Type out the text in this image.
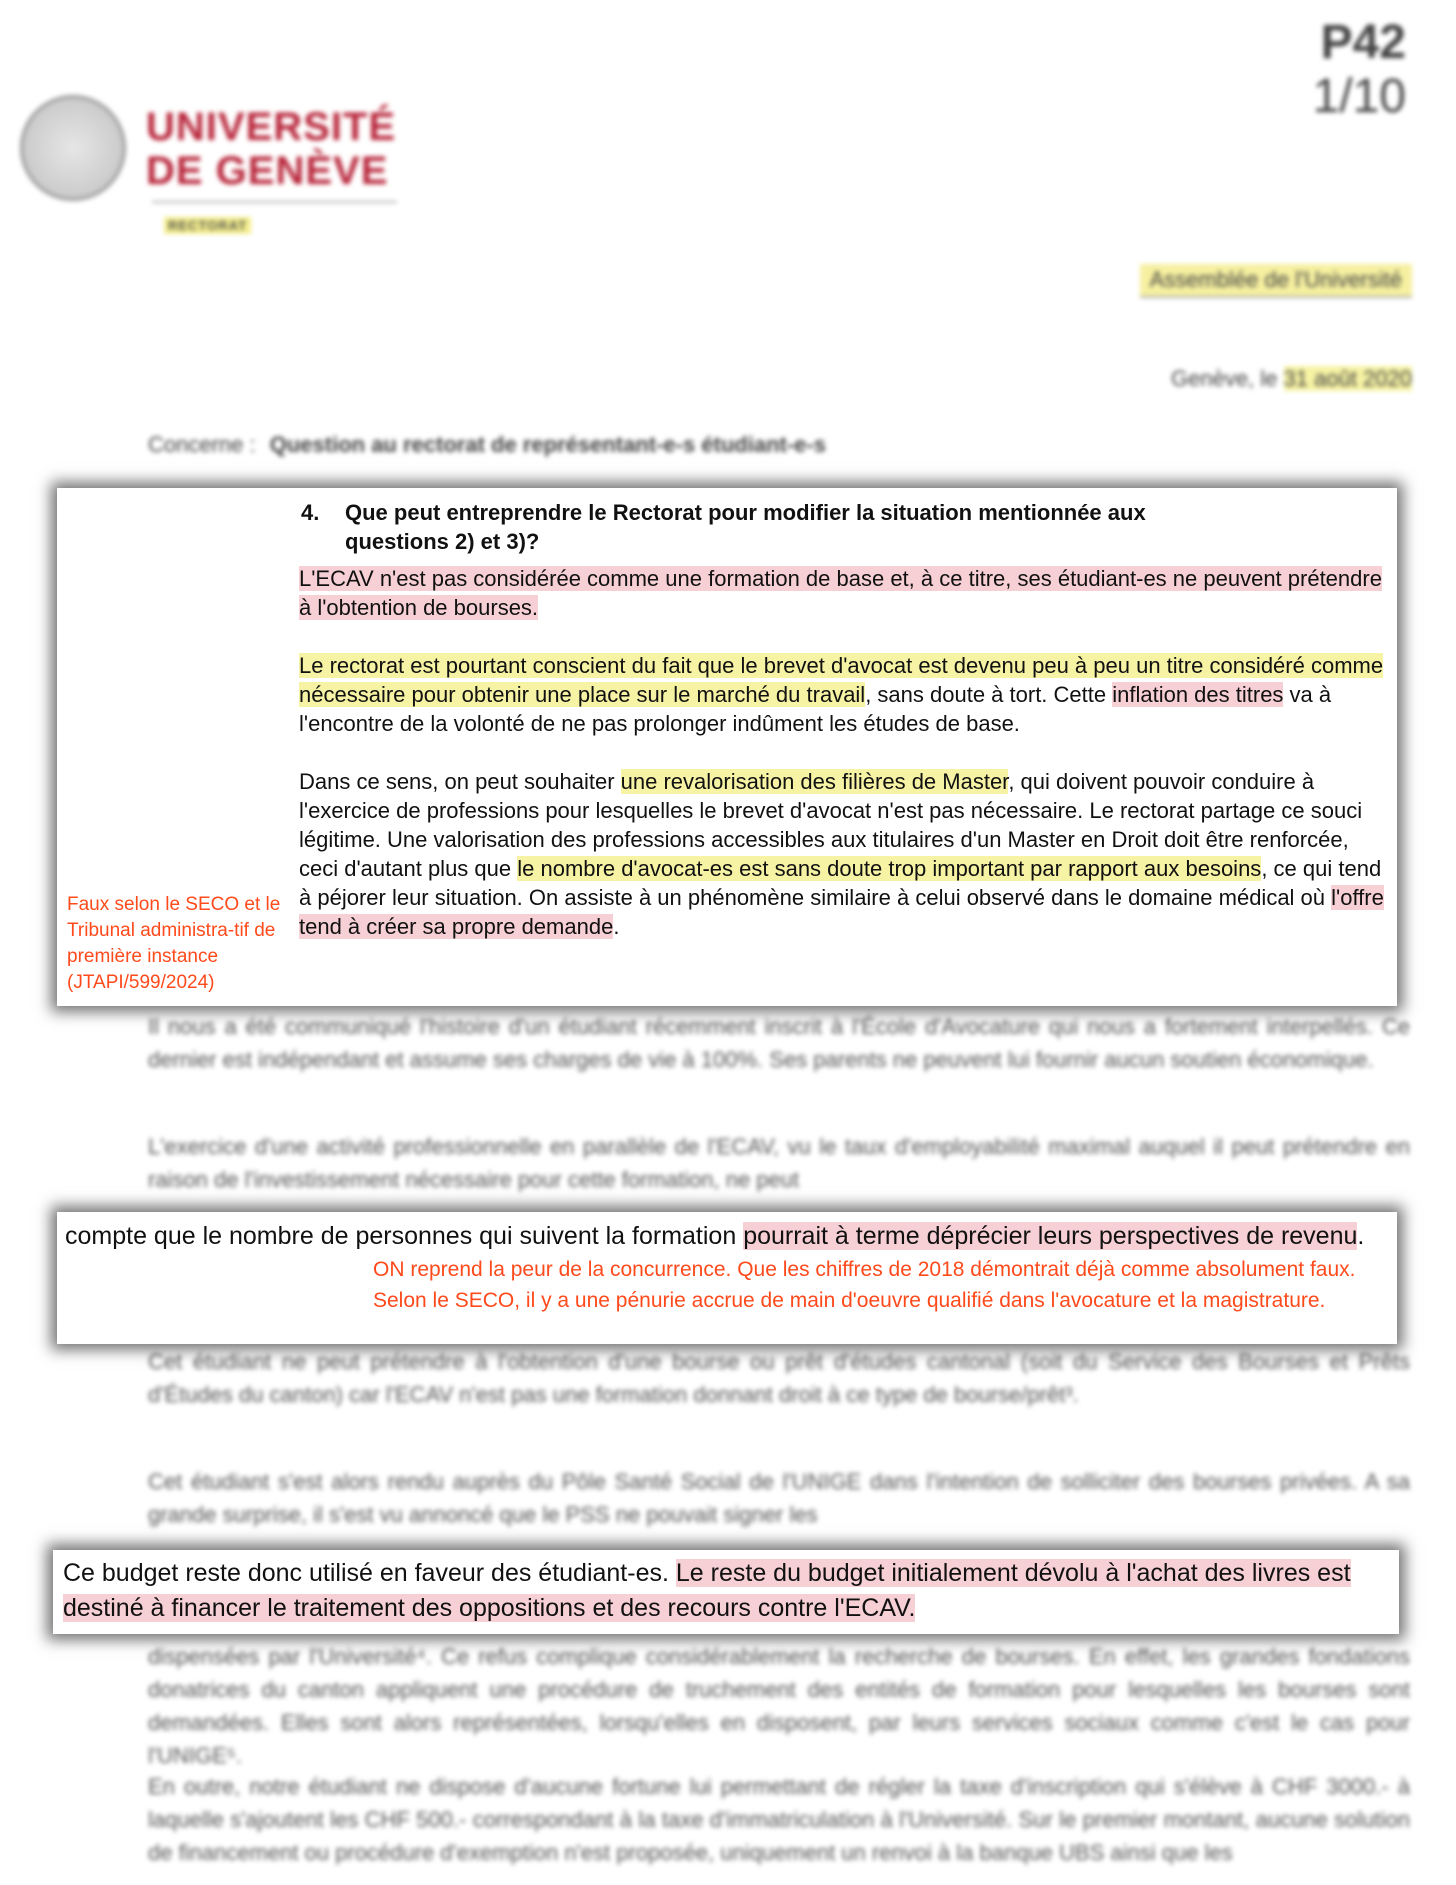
UNIVERSITÉ
DE GENÈVE
RECTORAT
P42
1/10
Assemblée de l'Université
Genève, le 31 août 2020
Concerne : Question au rectorat de représentant-e-s étudiant-e-s
Il nous a été communiqué l'histoire d'un étudiant récemment inscrit à l'École d'Avocature qui nous a fortement interpellés. Ce dernier est indépendant et assume ses charges de vie à 100%. Ses parents ne peuvent lui fournir aucun soutien économique.
L'exercice d'une activité professionnelle en parallèle de l'ECAV, vu le taux d'employabilité maximal auquel il peut prétendre en raison de l'investissement nécessaire pour cette formation, ne peut
Cet étudiant ne peut prétendre à l'obtention d'une bourse ou prêt d'études cantonal (soit du Service des Bourses et Prêts d'Études du canton) car l'ECAV n'est pas une formation donnant droit à ce type de bourse/prêt³.
Cet étudiant s'est alors rendu auprès du Pôle Santé Social de l'UNIGE dans l'intention de solliciter des bourses privées. A sa grande surprise, il s'est vu annoncé que le PSS ne pouvait signer les
dispensées par l'Université⁴. Ce refus complique considérablement la recherche de bourses. En effet, les grandes fondations donatrices du canton appliquent une procédure de truchement des entités de formation pour lesquelles les bourses sont demandées. Elles sont alors représentées, lorsqu'elles en disposent, par leurs services sociaux comme c'est le cas pour l'UNIGE⁵.
En outre, notre étudiant ne dispose d'aucune fortune lui permettant de régler la taxe d'inscription qui s'élève à CHF 3000.- à laquelle s'ajoutent les CHF 500.- correspondant à la taxe d'immatriculation à l'Université. Sur le premier montant, aucune solution de financement ou procédure d'exemption n'est proposée, uniquement un renvoi à la banque UBS ainsi que les
4. Que peut entreprendre le Rectorat pour modifier la situation mentionnée aux questions 2) et 3)?

L'ECAV n'est pas considérée comme une formation de base et, à ce titre, ses étudiant-es ne peuvent prétendre à l'obtention de bourses.

Le rectorat est pourtant conscient du fait que le brevet d'avocat est devenu peu à peu un titre considéré comme nécessaire pour obtenir une place sur le marché du travail, sans doute à tort. Cette inflation des titres va à l'encontre de la volonté de ne pas prolonger indûment les études de base.

Dans ce sens, on peut souhaiter une revalorisation des filières de Master, qui doivent pouvoir conduire à l'exercice de professions pour lesquelles le brevet d'avocat n'est pas nécessaire. Le rectorat partage ce souci légitime. Une valorisation des professions accessibles aux titulaires d'un Master en Droit doit être renforcée, ceci d'autant plus que le nombre d'avocat-es est sans doute trop important par rapport aux besoins, ce qui tend à péjorer leur situation. On assiste à un phénomène similaire à celui observé dans le domaine médical où l'offre tend à créer sa propre demande.

Faux selon le SECO et le Tribunal administra-tif de première instance (JTAPI/599/2024)
compte que le nombre de personnes qui suivent la formation pourrait à terme déprécier leurs perspectives de revenu.
ON reprend la peur de la concurrence. Que les chiffres de 2018 démontrait déjà comme absolument faux. Selon le SECO, il y a une pénurie accrue de main d'oeuvre qualifié dans l'avocature et la magistrature.
Ce budget reste donc utilisé en faveur des étudiant-es. Le reste du budget initialement dévolu à l'achat des livres est destiné à financer le traitement des oppositions et des recours contre l'ECAV.
